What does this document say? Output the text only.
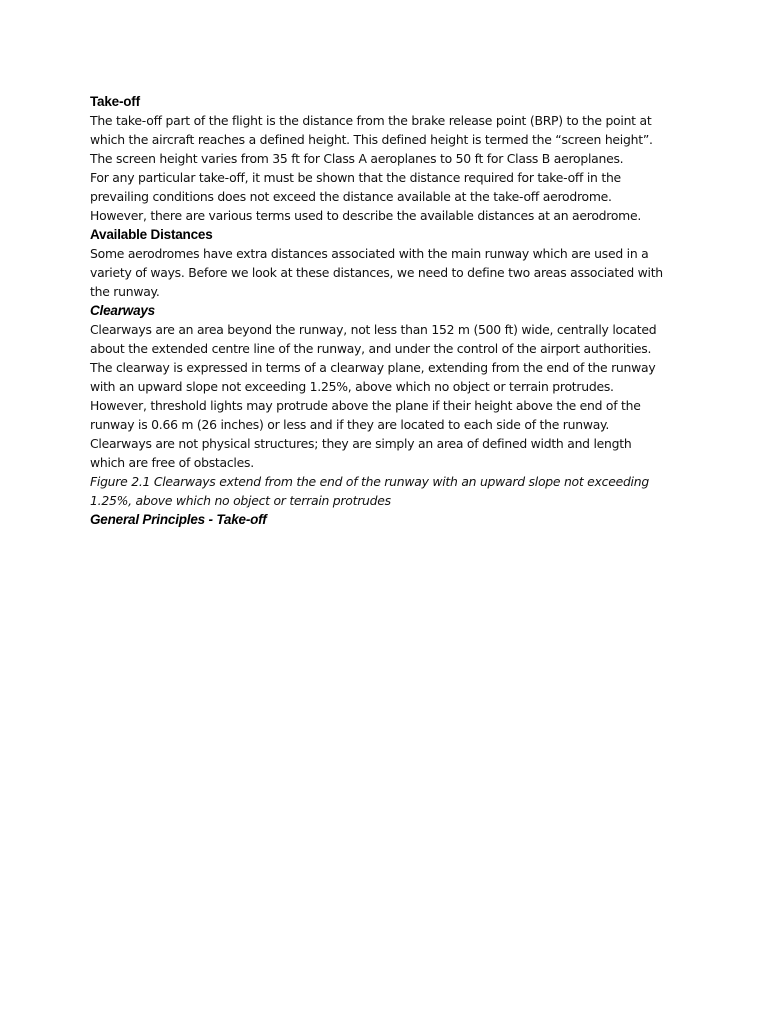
Take-off
The take-off part of the flight is the distance from the brake release point (BRP) to the point at
which the aircraft reaches a defined height. This defined height is termed the “screen height”.
The screen height varies from 35 ft for Class A aeroplanes to 50 ft for Class B aeroplanes.
For any particular take-off, it must be shown that the distance required for take-off in the
prevailing conditions does not exceed the distance available at the take-off aerodrome.
However, there are various terms used to describe the available distances at an aerodrome.
Available Distances
Some aerodromes have extra distances associated with the main runway which are used in a
variety of ways. Before we look at these distances, we need to define two areas associated with
the runway.
Clearways
Clearways are an area beyond the runway, not less than 152 m (500 ft) wide, centrally located
about the extended centre line of the runway, and under the control of the airport authorities.
The clearway is expressed in terms of a clearway plane, extending from the end of the runway
with an upward slope not exceeding 1.25%, above which no object or terrain protrudes.
However, threshold lights may protrude above the plane if their height above the end of the
runway is 0.66 m (26 inches) or less and if they are located to each side of the runway.
Clearways are not physical structures; they are simply an area of defined width and length
which are free of obstacles.
Figure 2.1 Clearways extend from the end of the runway with an upward slope not exceeding
1.25%, above which no object or terrain protrudes
General Principles - Take-off
